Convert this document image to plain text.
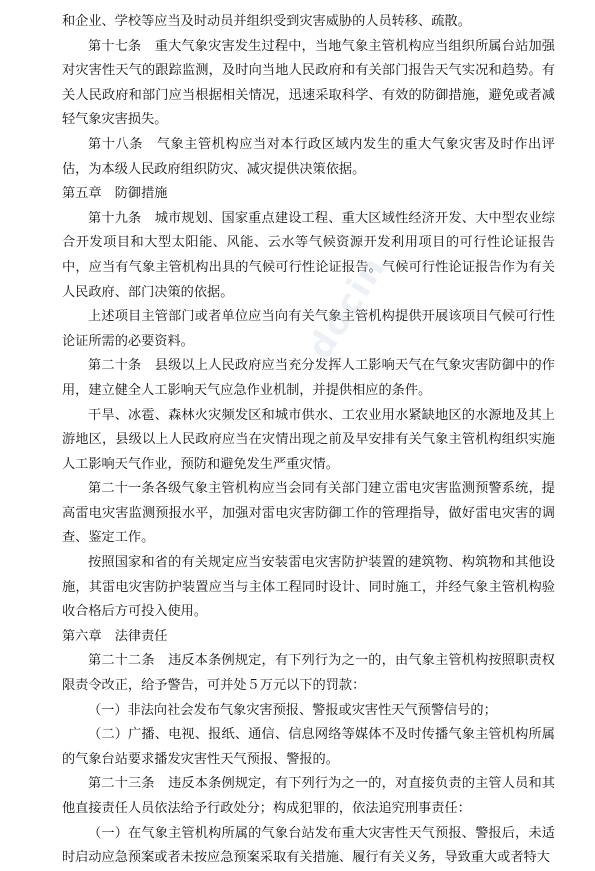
和企业、学校等应当及时动员并组织受到灾害威胁的人员转移、疏散。

第十七条　重大气象灾害发生过程中，当地气象主管机构应当组织所属台站加强对灾害性天气的跟踪监测，及时向当地人民政府和有关部门报告天气实况和趋势。有关人民政府和部门应当根据相关情况，迅速采取科学、有效的防御措施，避免或者减轻气象灾害损失。

第十八条　气象主管机构应当对本行政区域内发生的重大气象灾害及时作出评估，为本级人民政府组织防灾、减灾提供决策依据。

第五章　防御措施

第十九条　城市规划、国家重点建设工程、重大区域性经济开发、大中型农业综合开发项目和大型太阳能、风能、云水等气候资源开发利用项目的可行性论证报告中，应当有气象主管机构出具的气候可行性论证报告。气候可行性论证报告作为有关人民政府、部门决策的依据。

上述项目主管部门或者单位应当向有关气象主管机构提供开展该项目气候可行性论证所需的必要资料。

第二十条　县级以上人民政府应当充分发挥人工影响天气在气象灾害防御中的作用，建立健全人工影响天气应急作业机制，并提供相应的条件。

干旱、冰雹、森林火灾频发区和城市供水、工农业用水紧缺地区的水源地及其上游地区，县级以上人民政府应当在灾情出现之前及早安排有关气象主管机构组织实施人工影响天气作业，预防和避免发生严重灾情。

第二十一条各级气象主管机构应当会同有关部门建立雷电灾害监测预警系统，提高雷电灾害监测预报水平，加强对雷电灾害防御工作的管理指导，做好雷电灾害的调查、鉴定工作。

按照国家和省的有关规定应当安装雷电灾害防护装置的建筑物、构筑物和其他设施，其雷电灾害防护装置应当与主体工程同时设计、同时施工，并经气象主管机构验收合格后方可投入使用。

第六章　法律责任

第二十二条　违反本条例规定，有下列行为之一的，由气象主管机构按照职责权限责令改正，给予警告，可并处５万元以下的罚款：

（一）非法向社会发布气象灾害预报、警报或灾害性天气预警信号的；

（二）广播、电视、报纸、通信、信息网络等媒体不及时传播气象主管机构所属的气象台站要求播发灾害性天气预报、警报的。

第二十三条　违反本条例规定，有下列行为之一的，对直接负责的主管人员和其他直接责任人员依法给予行政处分；构成犯罪的，依法追究刑事责任：

（一）在气象主管机构所属的气象台站发布重大灾害性天气预报、警报后，未适时启动应急预案或者未按应急预案采取有关措施、履行有关义务，导致重大或者特大

docin
